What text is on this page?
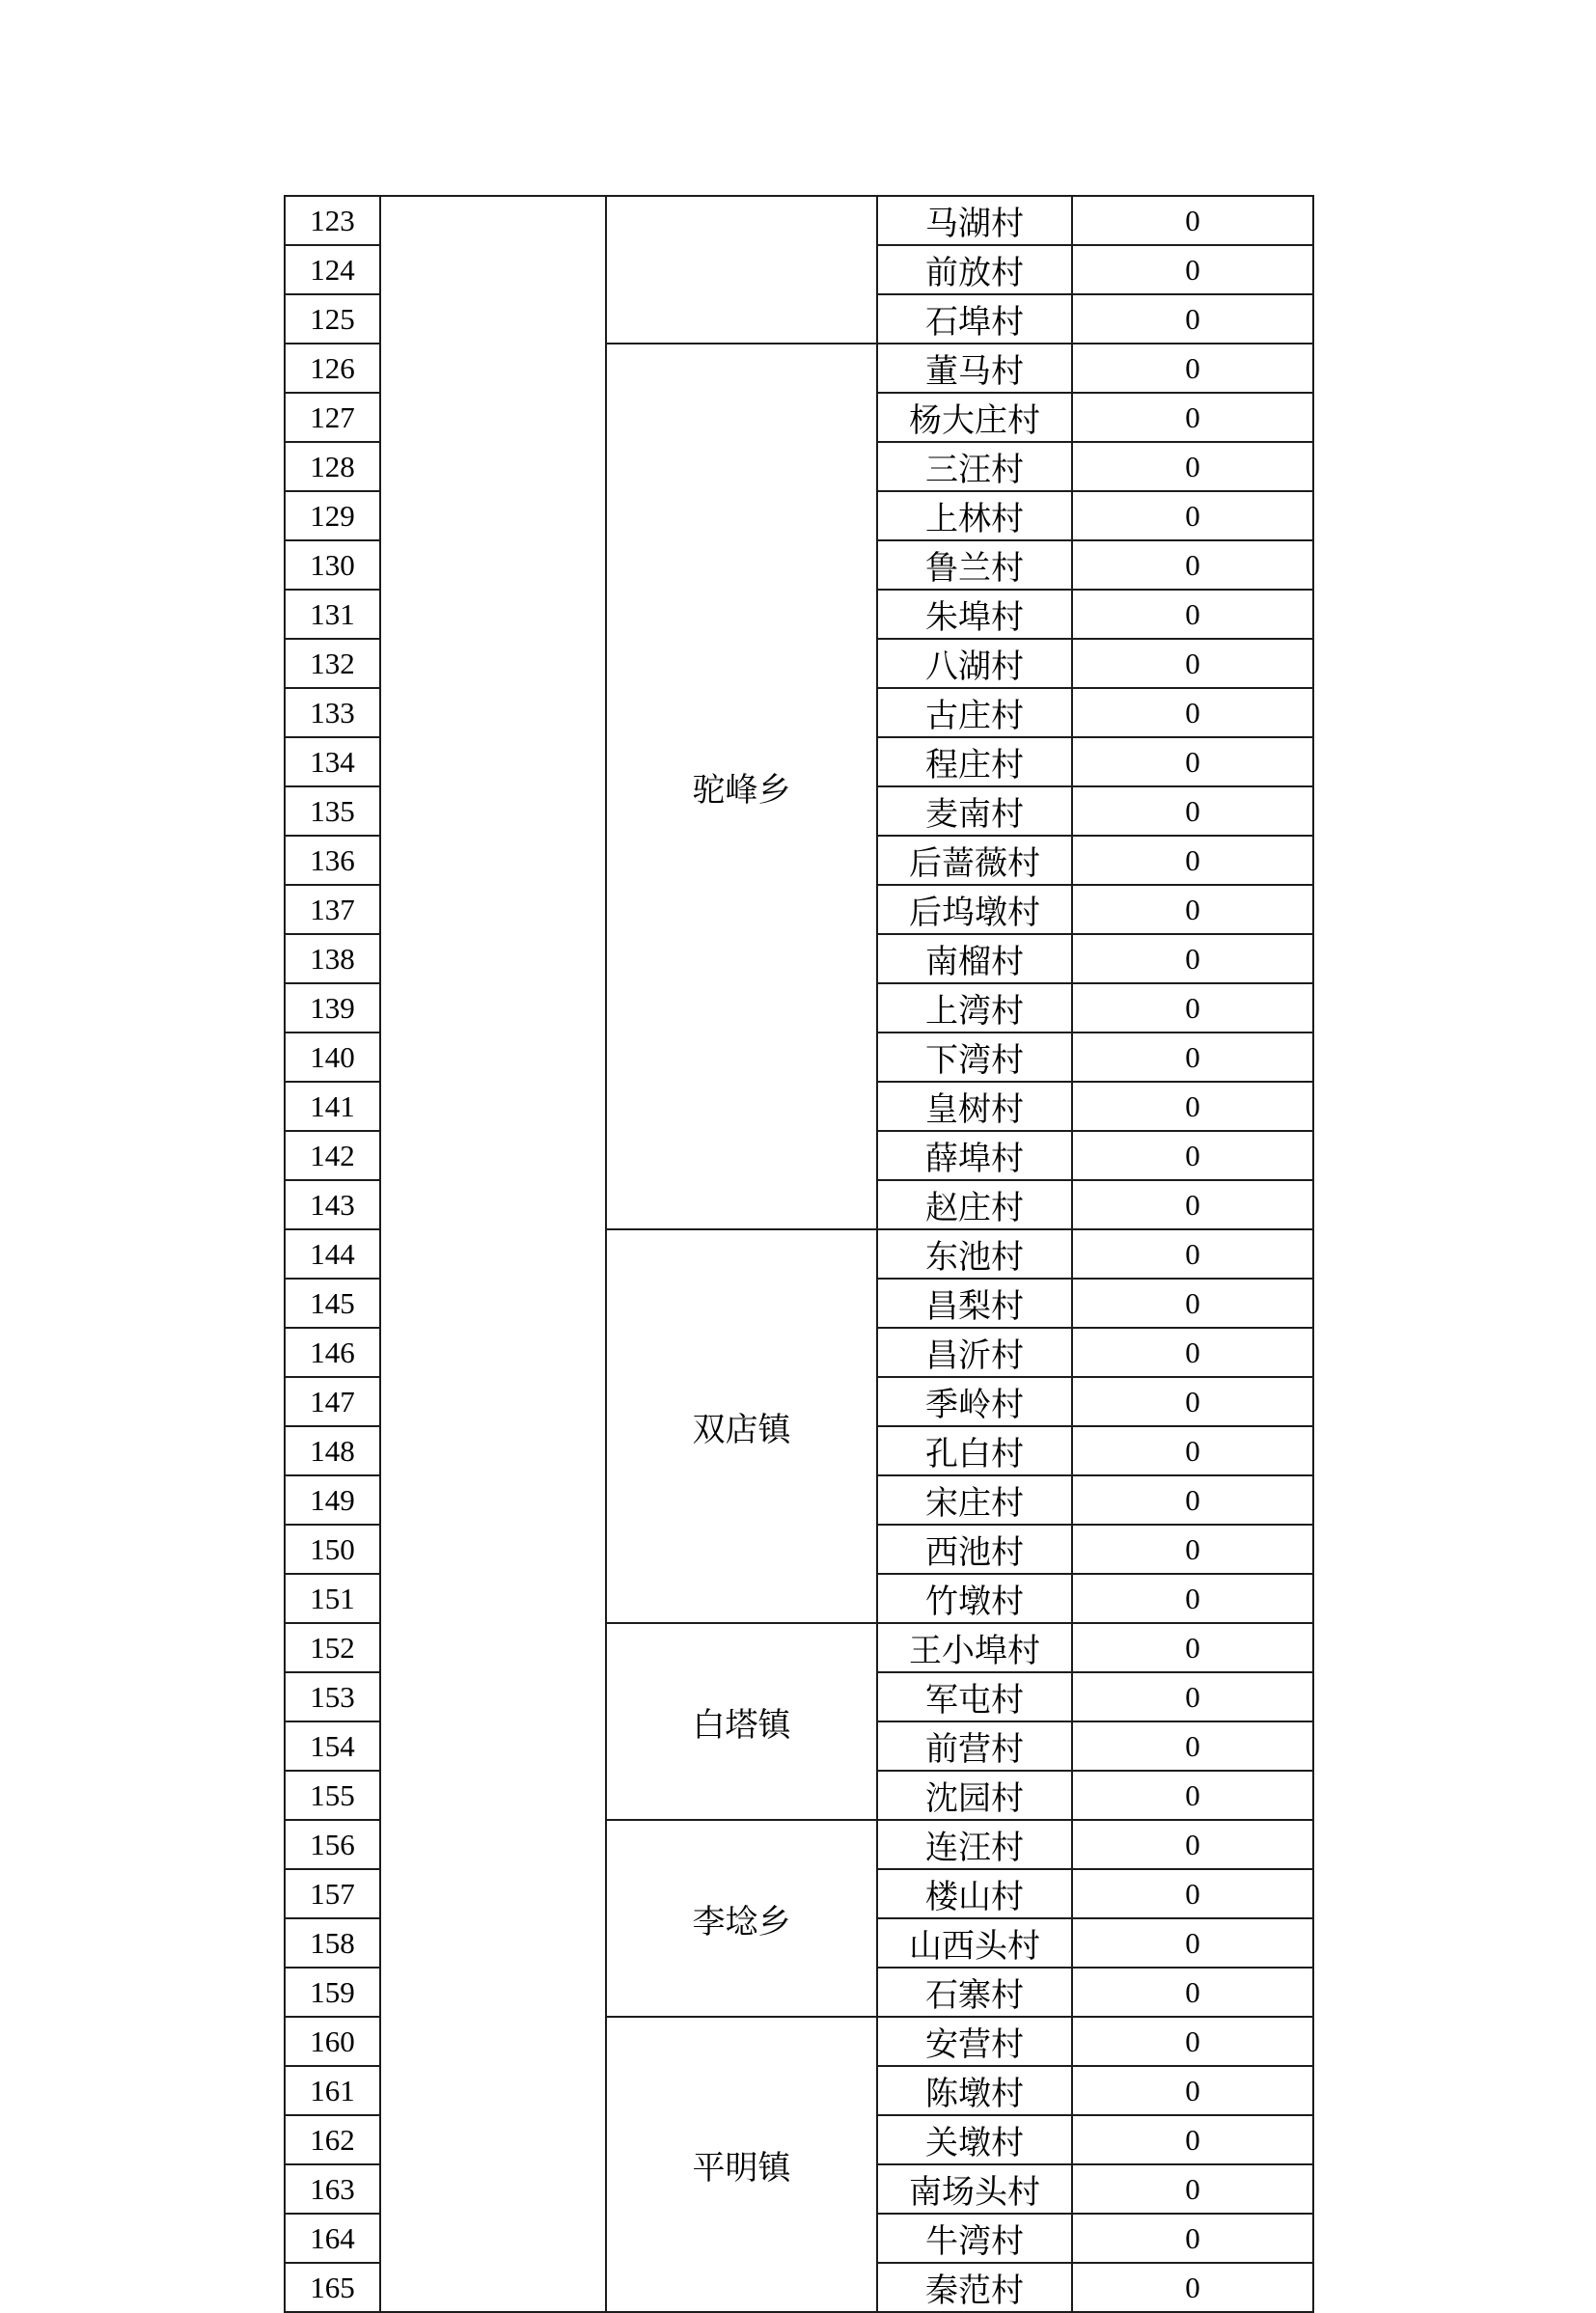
123			马湖村	0
124			前放村	0
125			石埠村	0
126		驼峰乡	董马村	0
127			杨大庄村	0
128			三汪村	0
129			上林村	0
130			鲁兰村	0
131			朱埠村	0
132			八湖村	0
133			古庄村	0
134			程庄村	0
135			麦南村	0
136			后蔷薇村	0
137			后坞墩村	0
138			南榴村	0
139			上湾村	0
140			下湾村	0
141			皇树村	0
142			薛埠村	0
143			赵庄村	0
144		双店镇	东池村	0
145			昌梨村	0
146			昌沂村	0
147			季岭村	0
148			孔白村	0
149			宋庄村	0
150			西池村	0
151			竹墩村	0
152		白塔镇	王小埠村	0
153			军屯村	0
154			前营村	0
155			沈园村	0
156		李埝乡	连汪村	0
157			楼山村	0
158			山西头村	0
159			石寨村	0
160		平明镇	安营村	0
161			陈墩村	0
162			关墩村	0
163			南场头村	0
164			牛湾村	0
165			秦范村	0
